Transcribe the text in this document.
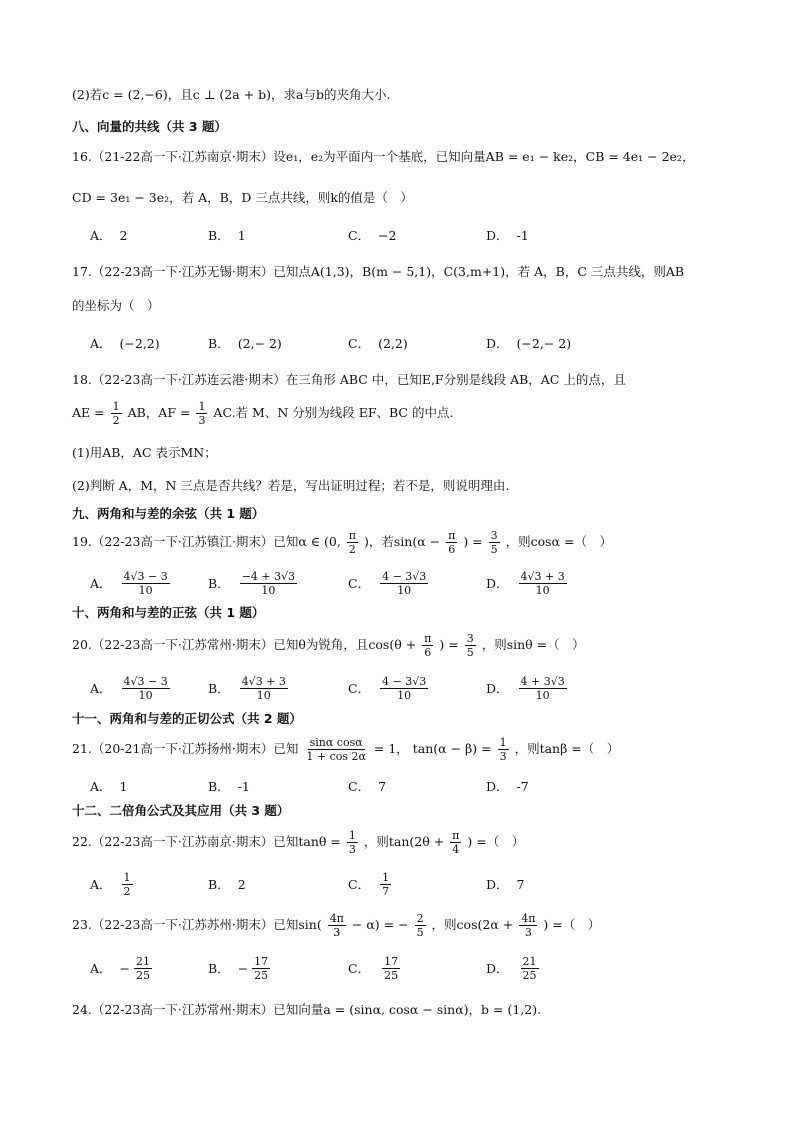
(2)若c = (2,−6)，且c ⊥ (2a + b)，求a与b的夹角大小.
八、向量的共线（共 3 题）
16.（21-22高一下·江苏南京·期末）设e₁，e₂为平面内一个基底，已知向量AB = e₁ − ke₂，CB = 4e₁ − 2e₂，
CD = 3e₁ − 3e₂，若 A，B，D 三点共线，则k的值是（　）
A． 2	B． 1	C． −2	D． -1
17.（22-23高一下·江苏无锡·期末）已知点A(1,3)，B(m − 5,1)，C(3,m+1)，若 A，B，C 三点共线，则AB
的坐标为（　）
A． (−2,2)	B． (2,− 2)	C． (2,2)	D． (−2,− 2)
18.（22-23高一下·江苏连云港·期末）在三角形 ABC 中，已知E,F分别是线段 AB，AC 上的点，且
AE = $\frac{1}{2}$ AB，AF = $\frac{1}{3}$ AC.若 M、N 分别为线段 EF、BC 的中点.
(1)用AB，AC 表示MN；
(2)判断 A，M，N 三点是否共线？若是，写出证明过程；若不是，则说明理由.
九、两角和与差的余弦（共 1 题）
19.（22-23高一下·江苏镇江·期末）已知α ∈ (0, $\frac{\pi}{2}$ )，若$\sin(\alpha - \frac{\pi}{6}$ ) = $\frac{3}{5}$ ，则cosα =（　）
A． $\frac{4√3 - 3}{10}$	B． $\frac{-4 + 3√3}{10}$	C． $\frac{4 - 3√3}{10}$	D． $\frac{4√3 + 3}{10}$
十、两角和与差的正弦（共 1 题）
20.（22-23高一下·江苏常州·期末）已知θ为锐角，且$\cos(\theta + \frac{\pi}{6}$ ) = $\frac{3}{5}$ ，则sinθ =（　）
A． $\frac{4√3 - 3}{10}$	B． $\frac{4√3 + 3}{10}$	C． $\frac{4 - 3√3}{10}$	D． $\frac{4 + 3√3}{10}$
十一、两角和与差的正切公式（共 2 题）
21.（20-21高一下·江苏扬州·期末）已知 $\frac{\text{sinα cosα}}{1 + \cos 2\alpha} = 1$， $\tan(\alpha - \beta) = \frac{1}{3}$ ，则tanβ =（　）
A． 1	B． -1	C． 7	D． -7
十二、二倍角公式及其应用（共 3 题）
22.（22-23高一下·江苏南京·期末）已知$\tan\theta = \frac{1}{3}$ ，则$\tan(2\theta + \frac{\pi}{4}$ ) =（　）
A． $\frac{1}{2}$	B． 2	C． $\frac{1}{7}$	D． 7
23.（22-23高一下·江苏苏州·期末）已知$\sin( \frac{4\pi}{3} - \alpha)$ = − $\frac{2}{5}$ ，则$\cos(2\alpha + \frac{4\pi}{3}$ ) =（　）
A． − $\frac{21}{25}$	B． − $\frac{17}{25}$	C． $\frac{17}{25}$	D． $\frac{21}{25}$
24.（22-23高一下·江苏常州·期末）已知向量a = (sinα, cosα − sinα)，b = (1,2).
